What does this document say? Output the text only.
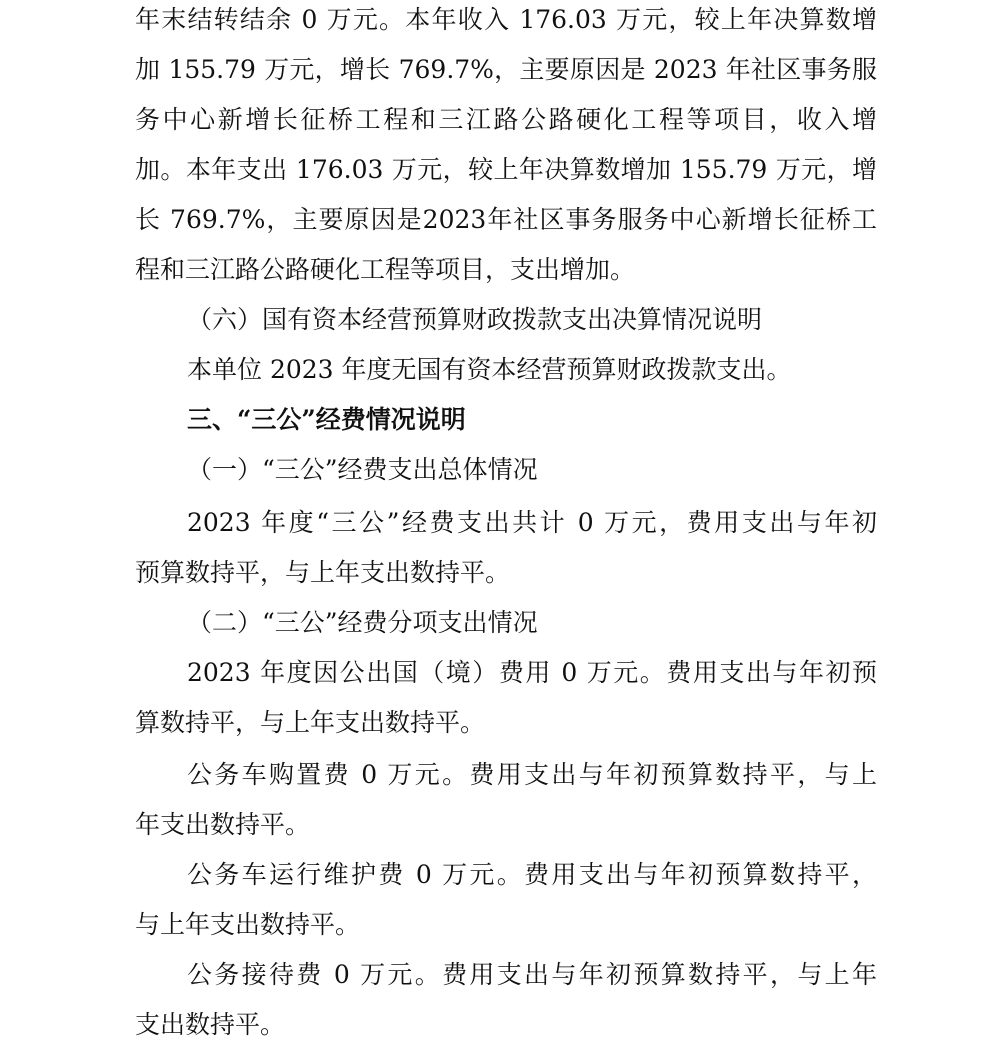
年末结转结余 0 万元。本年收入 176.03 万元，较上年决算数增
加 155.79 万元，增长 769.7%，主要原因是 2023 年社区事务服
务中心新增长征桥工程和三江路公路硬化工程等项目，收入增
加。本年支出 176.03 万元，较上年决算数增加 155.79 万元，增
长 769.7%，主要原因是2023年社区事务服务中心新增长征桥工
程和三江路公路硬化工程等项目，支出增加。
（六）国有资本经营预算财政拨款支出决算情况说明
本单位 2023 年度无国有资本经营预算财政拨款支出。
三、“三公”经费情况说明
（一）“三公”经费支出总体情况
2023 年度“三公”经费支出共计 0 万元，费用支出与年初
预算数持平，与上年支出数持平。
（二）“三公”经费分项支出情况
2023 年度因公出国（境）费用 0 万元。费用支出与年初预
算数持平，与上年支出数持平。
公务车购置费 0 万元。费用支出与年初预算数持平，与上
年支出数持平。
公务车运行维护费 0 万元。费用支出与年初预算数持平，
与上年支出数持平。
公务接待费 0 万元。费用支出与年初预算数持平，与上年
支出数持平。
